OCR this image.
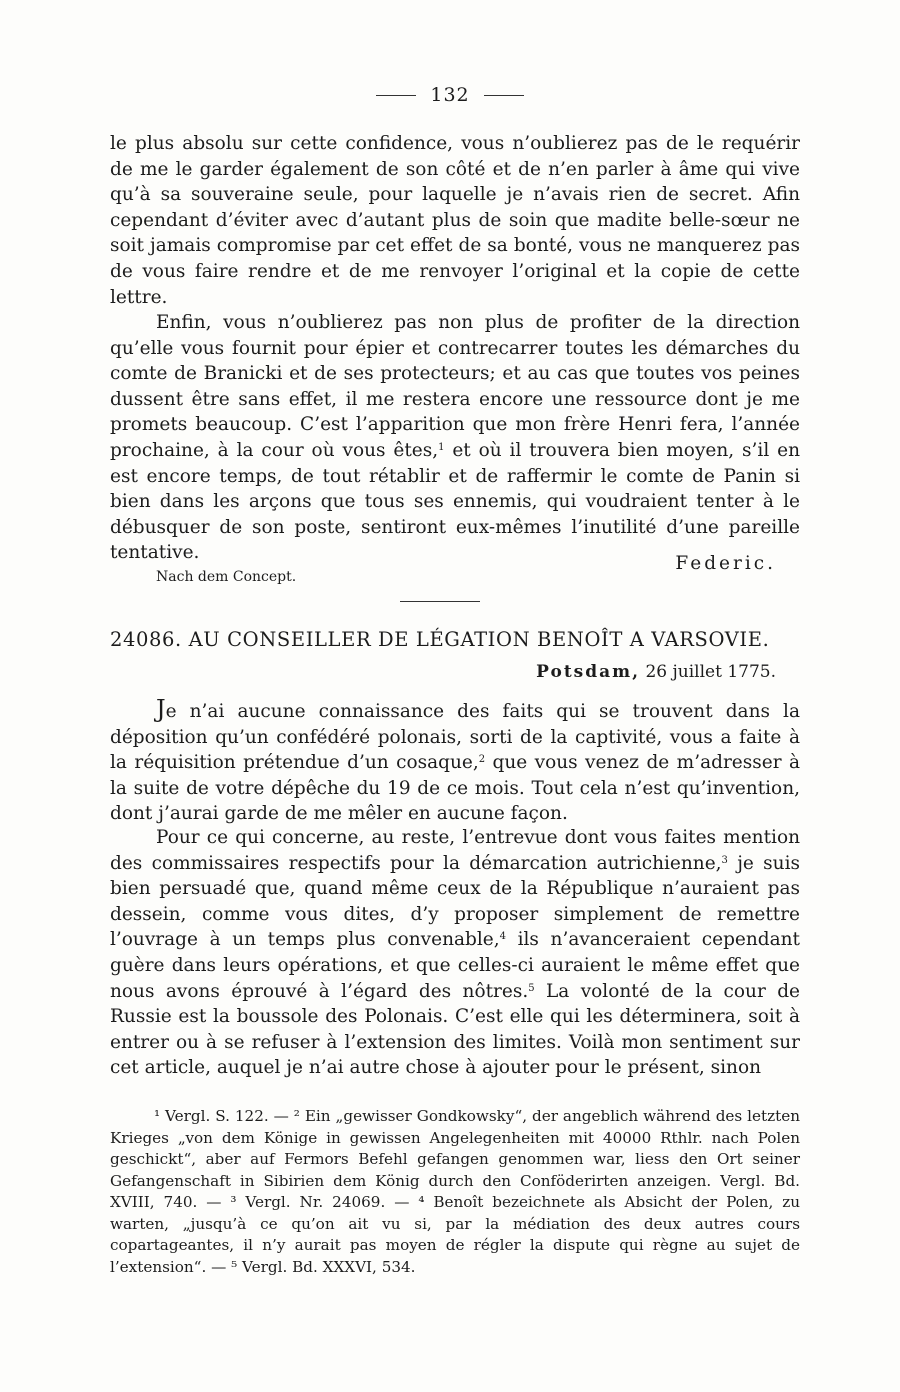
132

le plus absolu sur cette confidence, vous n’oublierez pas de le requérir de me le garder également de son côté et de n’en parler à âme qui vive qu’à sa souveraine seule, pour laquelle je n’avais rien de secret. Afin cependant d’éviter avec d’autant plus de soin que madite belle-sœur ne soit jamais compromise par cet effet de sa bonté, vous ne manquerez pas de vous faire rendre et de me renvoyer l’original et la copie de cette lettre.

Enfin, vous n’oublierez pas non plus de profiter de la direction qu’elle vous fournit pour épier et contrecarrer toutes les démarches du comte de Branicki et de ses protecteurs; et au cas que toutes vos peines dussent être sans effet, il me restera encore une ressource dont je me promets beaucoup. C’est l’apparition que mon frère Henri fera, l’année prochaine, à la cour où vous êtes,$^1$ et où il trouvera bien moyen, s’il en est encore temps, de tout rétablir et de raffermir le comte de Panin si bien dans les arçons que tous ses ennemis, qui voudraient tenter à le débusquer de son poste, sentiront eux-mêmes l’inutilité d’une pareille tentative.

Federic.
Nach dem Concept.
24086. AU CONSEILLER DE LÉGATION BENOÎT A VARSOVIE.
Potsdam, 26 juillet 1775.

Je n’ai aucune connaissance des faits qui se trouvent dans la déposition qu’un confédéré polonais, sorti de la captivité, vous a faite à la réquisition prétendue d’un cosaque,$^2$ que vous venez de m’adresser à la suite de votre dépêche du 19 de ce mois. Tout cela n’est qu’invention, dont j’aurai garde de me mêler en aucune façon.

Pour ce qui concerne, au reste, l’entrevue dont vous faites mention des commissaires respectifs pour la démarcation autrichienne,$^3$ je suis bien persuadé que, quand même ceux de la République n’auraient pas dessein, comme vous dites, d’y proposer simplement de remettre l’ouvrage à un temps plus convenable,$^4$ ils n’avanceraient cependant guère dans leurs opérations, et que celles-ci auraient le même effet que nous avons éprouvé à l’égard des nôtres.$^5$ La volonté de la cour de Russie est la boussole des Polonais. C’est elle qui les déterminera, soit à entrer ou à se refuser à l’extension des limites. Voilà mon sentiment sur cet article, auquel je n’ai autre chose à ajouter pour le présent, sinon

¹ Vergl. S. 122. — ² Ein „gewisser Gondkowsky“, der angeblich während des letzten Krieges „von dem Könige in gewissen Angelegenheiten mit 40000 Rthlr. nach Polen geschickt“, aber auf Fermors Befehl gefangen genommen war, liess den Ort seiner Gefangenschaft in Sibirien dem König durch den Conföderirten anzeigen. Vergl. Bd. XVIII, 740. — ³ Vergl. Nr. 24069. — ⁴ Benoît bezeichnete als Absicht der Polen, zu warten, „jusqu’à ce qu’on ait vu si, par la médiation des deux autres cours copartageantes, il n’y aurait pas moyen de régler la dispute qui règne au sujet de l’extension“. — ⁵ Vergl. Bd. XXXVI, 534.
